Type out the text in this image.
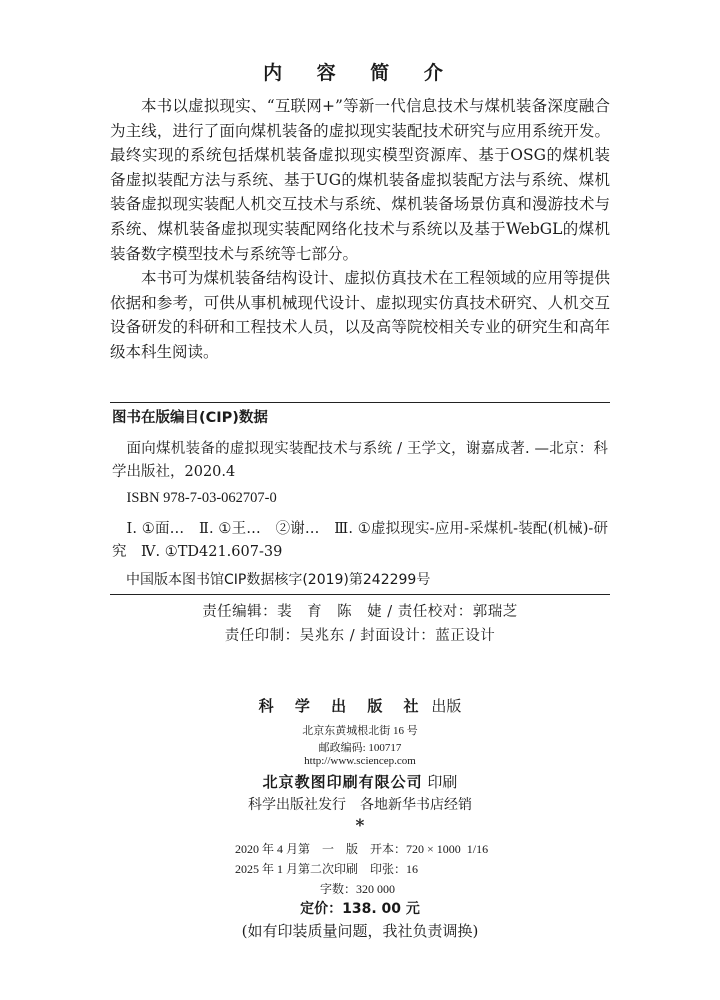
内 容 简 介

本书以虚拟现实、“互联网+”等新一代信息技术与煤机装备深度融合为主线，进行了面向煤机装备的虚拟现实装配技术研究与应用系统开发。最终实现的系统包括煤机装备虚拟现实模型资源库、基于OSG的煤机装备虚拟装配方法与系统、基于UG的煤机装备虚拟装配方法与系统、煤机装备虚拟现实装配人机交互技术与系统、煤机装备场景仿真和漫游技术与系统、煤机装备虚拟现实装配网络化技术与系统以及基于WebGL的煤机装备数字模型技术与系统等七部分。

本书可为煤机装备结构设计、虚拟仿真技术在工程领域的应用等提供依据和参考，可供从事机械现代设计、虚拟现实仿真技术研究、人机交互设备研发的科研和工程技术人员，以及高等院校相关专业的研究生和高年级本科生阅读。

图书在版编目(CIP)数据
面向煤机装备的虚拟现实装配技术与系统 / 王学文，谢嘉成著. —北京：科学出版社，2020.4
ISBN 978-7-03-062707-0
Ⅰ. ①面…　Ⅱ. ①王…　②谢…　Ⅲ. ①虚拟现实-应用-采煤机-装配(机械)-研究　Ⅳ. ①TD421.607-39
中国版本图书馆CIP数据核字(2019)第242299号
责任编辑：裴　育　陈　婕 / 责任校对：郭瑞芝
责任印制：吴兆东 / 封面设计：蓝正设计
科 学 出 版 社 出版
北京东黄城根北街 16 号
邮政编码: 100717
http://www.sciencep.com
北京教图印刷有限公司 印刷
科学出版社发行　各地新华书店经销
*
2020 年 4 月第　一　版　开本：720 × 1000  1/16
2025 年 1 月第二次印刷　印张：16
字数：320 000
定价：138. 00 元
(如有印装质量问题，我社负责调换)
